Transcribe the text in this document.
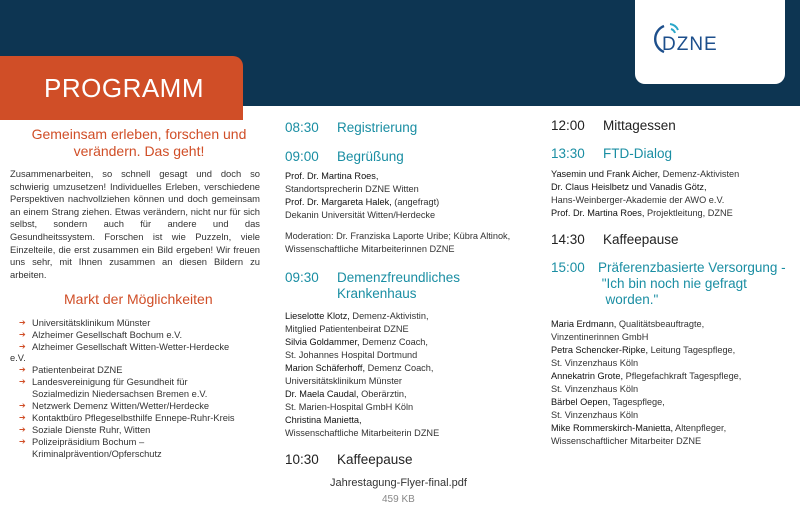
DZNE
PROGRAMM
Gemeinsam erleben, forschen und verändern. Das geht!

Zusammenarbeiten, so schnell gesagt und doch so schwierig umzusetzen! Individuelles Erleben, verschiedene Perspektiven nachvollziehen können und doch gemeinsam an einem Strang ziehen. Etwas verändern, nicht nur für sich selbst, sondern auch für andere und das Gesundheitssystem. Forschen ist wie Puzzeln, viele Einzelteile, die erst zusammen ein Bild ergeben! Wir freuen uns sehr, mit Ihnen zusammen an diesen Bildern zu arbeiten.

Markt der Möglichkeiten
➔ Universitätsklinikum Münster
➔ Alzheimer Gesellschaft Bochum e.V.
➔ Alzheimer Gesellschaft Witten-Wetter-Herdecke
e.V.
➔ Patientenbeirat DZNE
➔ Landesvereinigung für Gesundheit für
Sozialmedizin Niedersachsen Bremen e.V.
➔ Netzwerk Demenz Witten/Wetter/Herdecke
➔ Kontaktbüro Pflegeselbsthilfe Ennepe-Ruhr-Kreis
➔ Soziale Dienste Ruhr, Witten
➔ Polizeipräsidium Bochum –
Kriminalprävention/Opferschutz
08:30	Registrierung
09:00	Begrüßung
Prof. Dr. Martina Roes,
Standortsprecherin DZNE Witten
Prof. Dr. Margareta Halek, (angefragt)
Dekanin Universität Witten/Herdecke
Moderation: Dr. Franziska Laporte Uribe; Kübra Altinok,
Wissenschaftliche Mitarbeiterinnen DZNE
09:30	Demenzfreundliches
Krankenhaus
Lieselotte Klotz, Demenz-Aktivistin,
Mitglied Patientenbeirat DZNE
Silvia Goldammer, Demenz Coach,
St. Johannes Hospital Dortmund
Marion Schäferhoff, Demenz Coach,
Universitätsklinikum Münster
Dr. Maela Caudal, Oberärztin,
St. Marien-Hospital GmbH Köln
Christina Manietta,
Wissenschaftliche Mitarbeiterin DZNE
10:30	Kaffeepause
12:00	Mittagessen
13:30	FTD-Dialog
Yasemin und Frank Aicher, Demenz-Aktivisten
Dr. Claus Heislbetz und Vanadis Götz,
Hans-Weinberger-Akademie der AWO e.V.
Prof. Dr. Martina Roes, Projektleitung, DZNE
14:30	Kaffeepause
15:00 Präferenzbasierte Versorgung -
"Ich bin noch nie gefragt
worden."
Maria Erdmann, Qualitätsbeauftragte,
Vinzentinerinnen GmbH
Petra Schencker-Ripke, Leitung Tagespflege,
St. Vinzenzhaus Köln
Annekatrin Grote, Pflegefachkraft Tagespflege,
St. Vinzenzhaus Köln
Bärbel Oepen, Tagespflege,
St. Vinzenzhaus Köln
Mike Rommerskirch-Manietta, Altenpfleger,
Wissenschaftlicher Mitarbeiter DZNE
Jahrestagung-Flyer-final.pdf
459 KB
